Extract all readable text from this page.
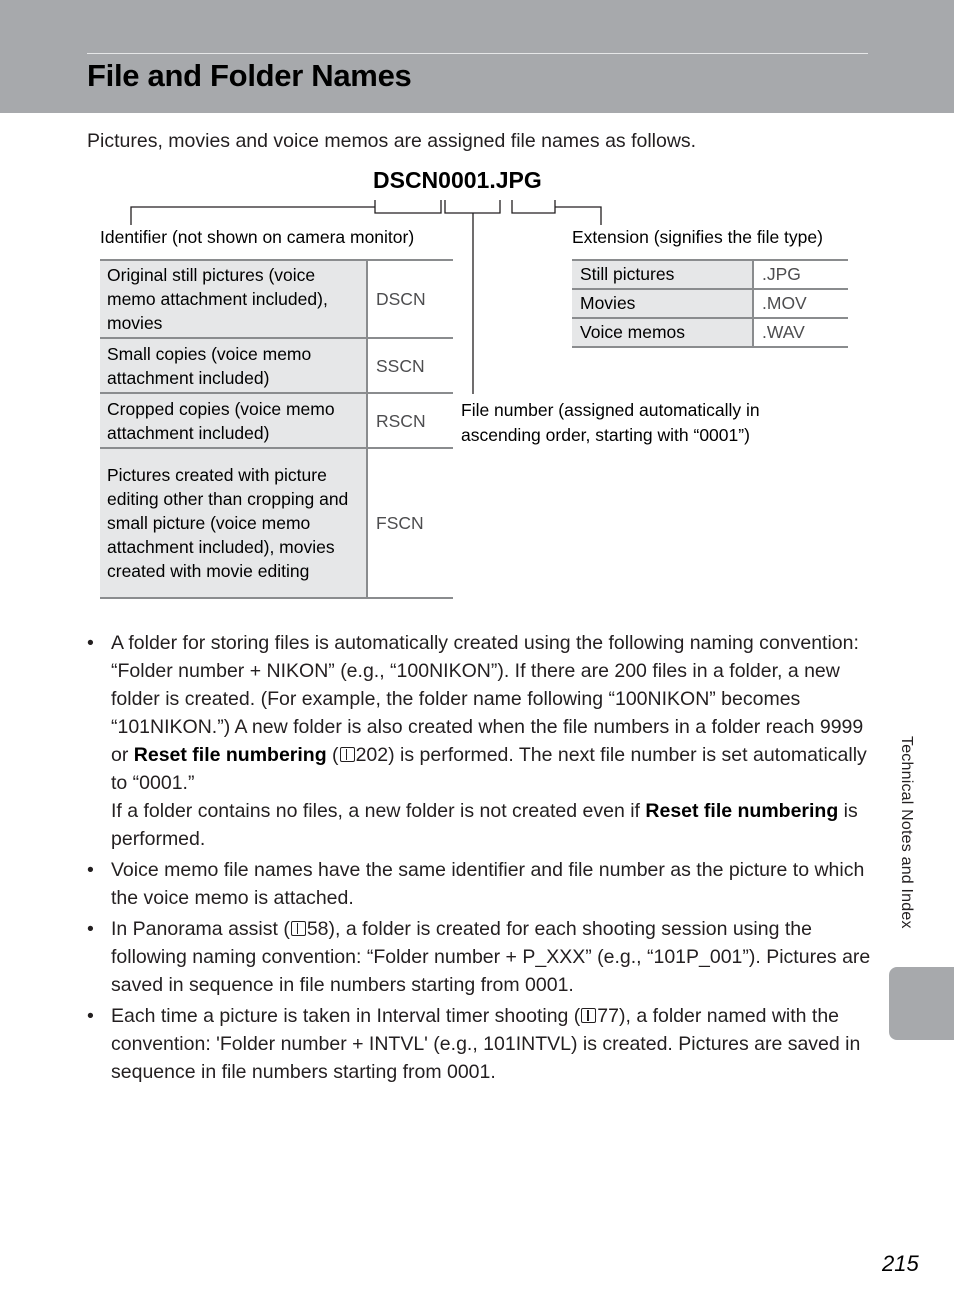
File and Folder Names
Pictures, movies and voice memos are assigned file names as follows.
DSCN0001.JPG
Identifier (not shown on camera monitor)	Extension (signifies the file type)
File number (assigned automatically in
ascending order, starting with “0001”)
Original still pictures (voice memo attachment included), movies	DSCN
Small copies (voice memo attachment included)	SSCN
Cropped copies (voice memo attachment included)	RSCN
Pictures created with picture editing other than cropping and small picture (voice memo attachment included), movies created with movie editing	FSCN
Still pictures	.JPG
Movies	.MOV
Voice memos	.WAV
• A folder for storing files is automatically created using the following naming convention: “Folder number + NIKON” (e.g., “100NIKON”). If there are 200 files in a folder, a new folder is created. (For example, the folder name following “100NIKON” becomes “101NIKON.”) A new folder is also created when the file numbers in a folder reach 9999 or Reset file numbering ( 202) is performed. The next file number is set automatically to “0001.”
If a folder contains no files, a new folder is not created even if Reset file numbering is performed.
• Voice memo file names have the same identifier and file number as the picture to which the voice memo is attached.
• In Panorama assist ( 58), a folder is created for each shooting session using the following naming convention: “Folder number + P_XXX” (e.g., “101P_001”). Pictures are saved in sequence in file numbers starting from 0001.
• Each time a picture is taken in Interval timer shooting ( 77), a folder named with the convention: 'Folder number + INTVL' (e.g., 101INTVL) is created. Pictures are saved in sequence in file numbers starting from 0001.
Technical Notes and Index
215
